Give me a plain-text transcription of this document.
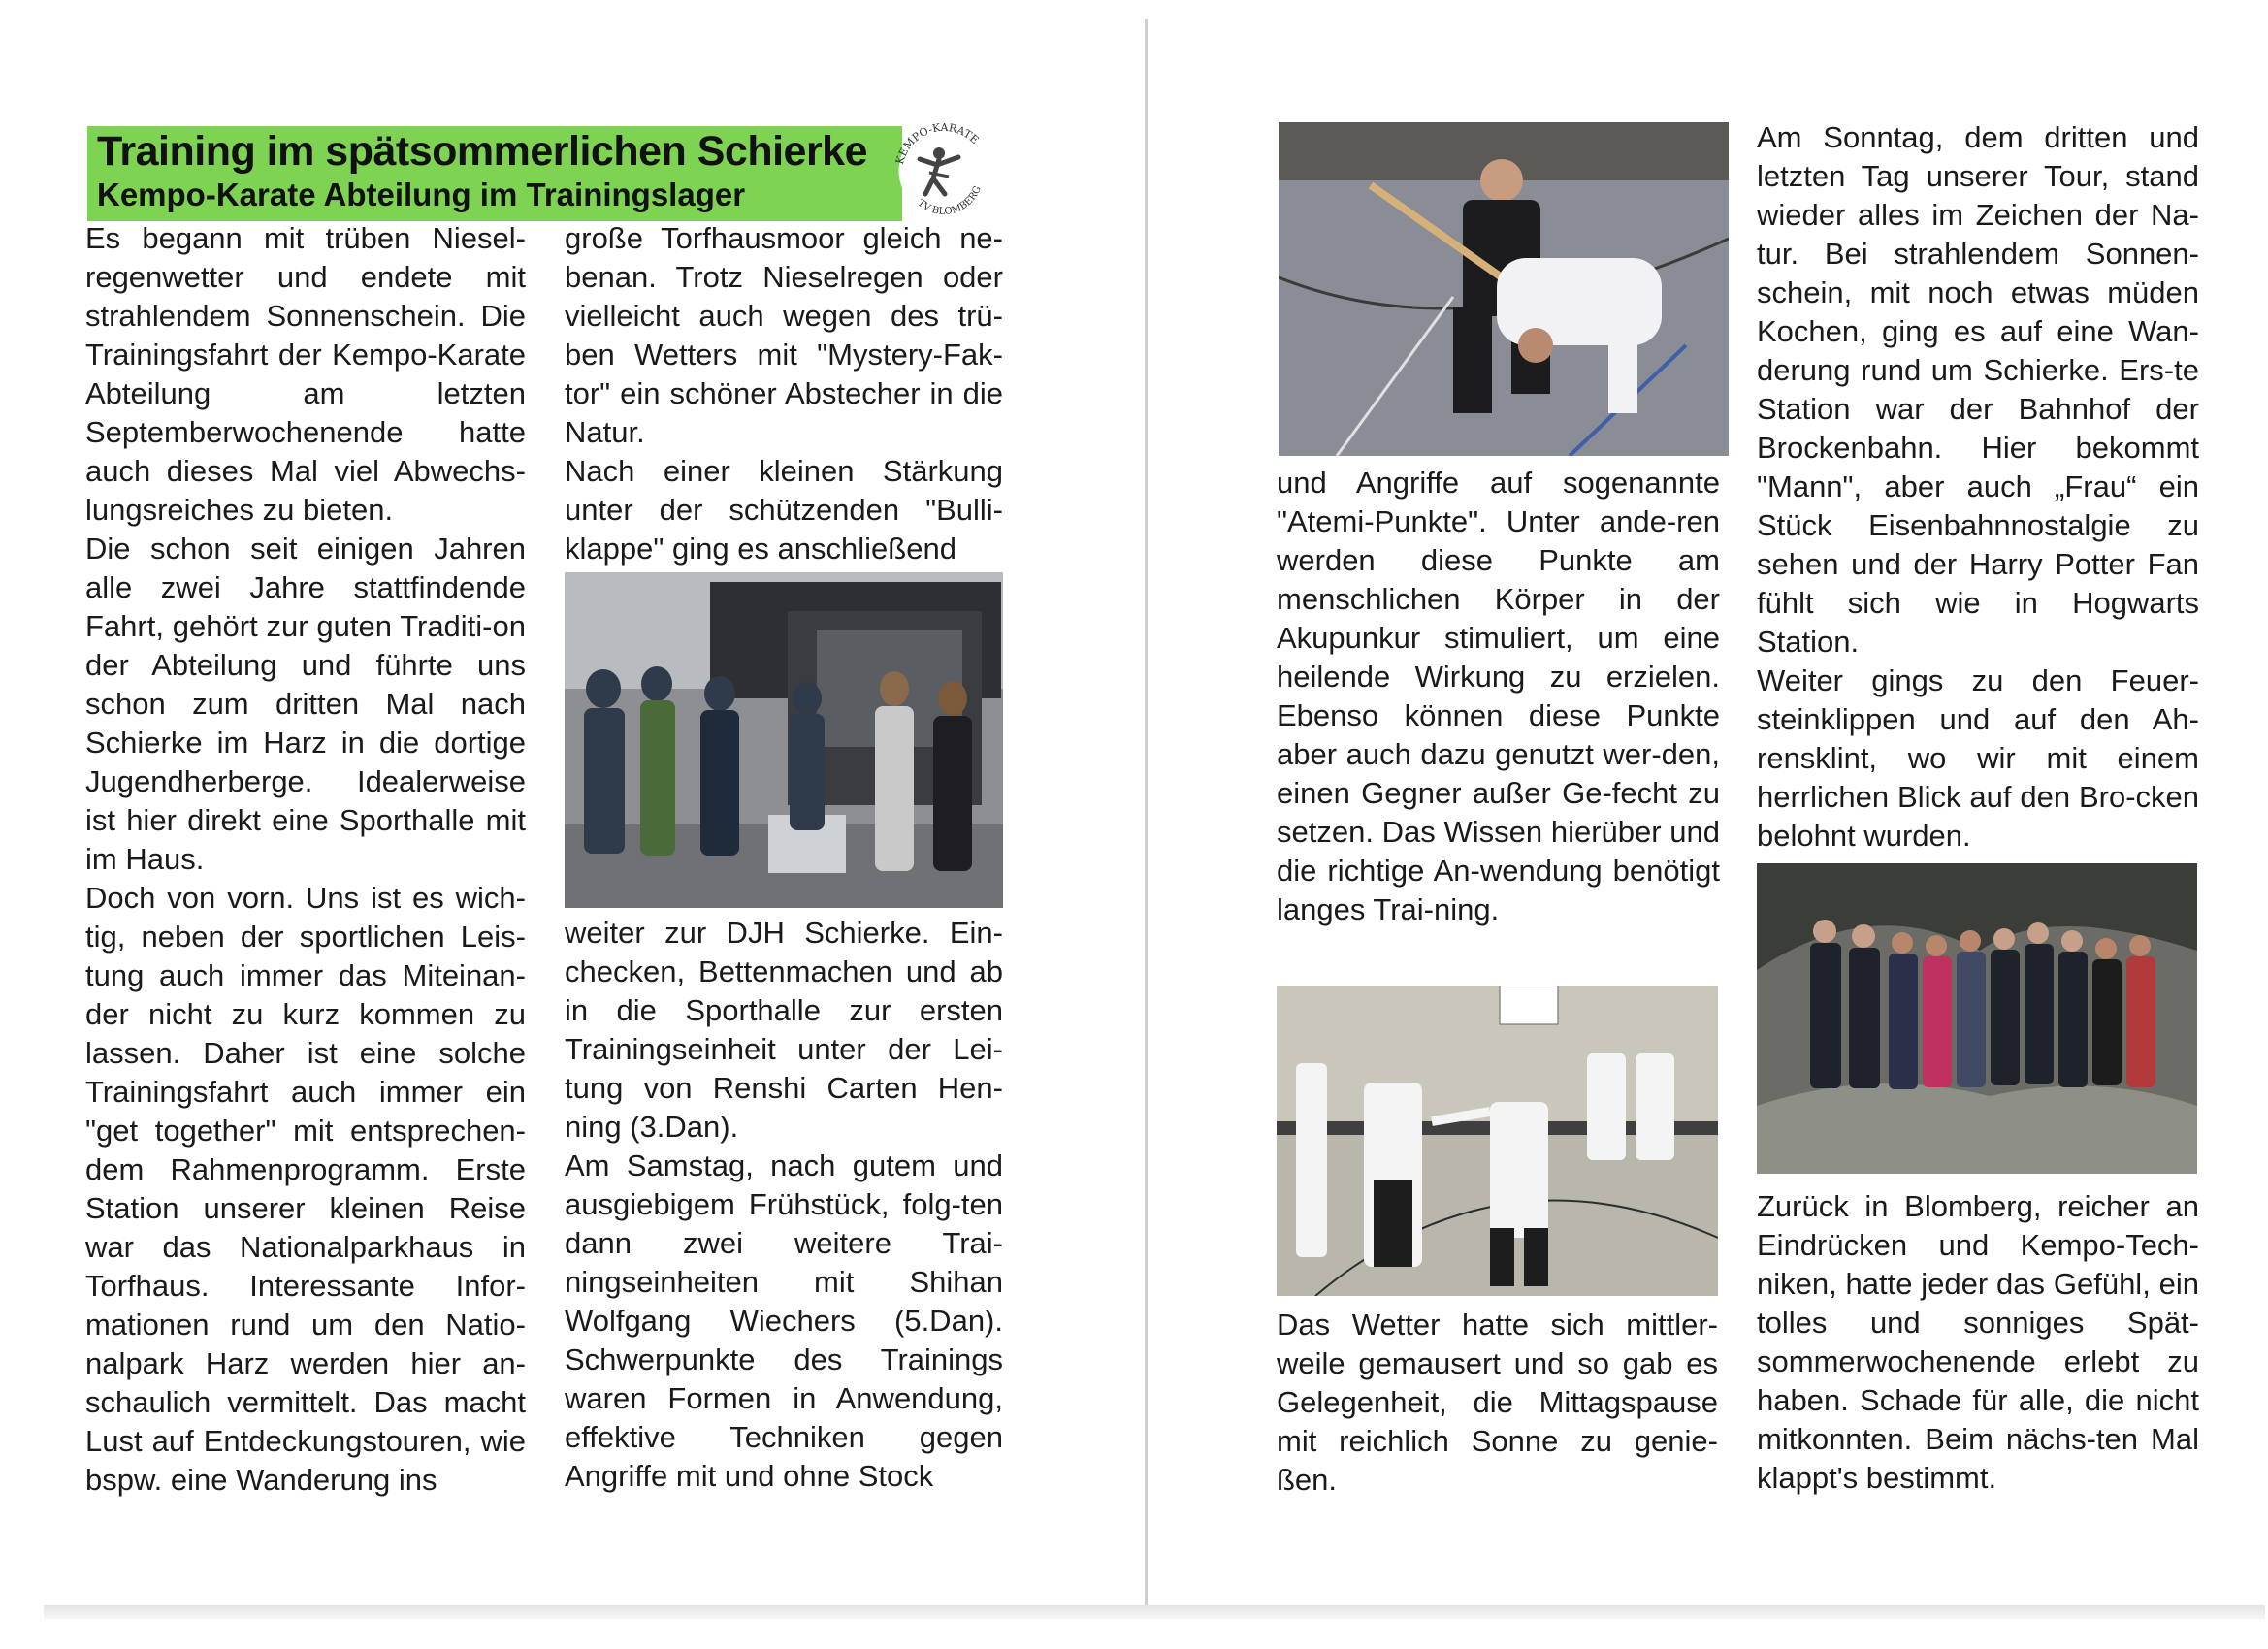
Training im spätsommerlichen Schierke
Kempo-Karate Abteilung im Trainingslager
KEMPO-KARATE
TV BLOMBERG

Es begann mit trüben Niesel-regenwetter und endete mit strahlendem Sonnenschein. Die Trainingsfahrt der Kempo-Karate Abteilung am letzten Septemberwochenende hatte auch dieses Mal viel Abwechs-lungsreiches zu bieten.

Die schon seit einigen Jahren alle zwei Jahre stattfindende Fahrt, gehört zur guten Traditi-on der Abteilung und führte uns schon zum dritten Mal nach Schierke im Harz in die dortige Jugendherberge. Idealerweise ist hier direkt eine Sporthalle mit im Haus.

Doch von vorn. Uns ist es wich-tig, neben der sportlichen Leis-tung auch immer das Miteinan-der nicht zu kurz kommen zu lassen. Daher ist eine solche Trainingsfahrt auch immer ein "get together" mit entsprechen-dem Rahmenprogramm. Erste Station unserer kleinen Reise war das Nationalparkhaus in Torfhaus. Interessante Infor-mationen rund um den Natio-nalpark Harz werden hier an-schaulich vermittelt. Das macht Lust auf Entdeckungstouren, wie bspw. eine Wanderung ins

große Torfhausmoor gleich ne-benan. Trotz Nieselregen oder vielleicht auch wegen des trü-ben Wetters mit "Mystery-Fak-tor" ein schöner Abstecher in die Natur.

Nach einer kleinen Stärkung unter der schützenden "Bulli-klappe" ging es anschließend

weiter zur DJH Schierke. Ein-checken, Bettenmachen und ab in die Sporthalle zur ersten Trainingseinheit unter der Lei-tung von Renshi Carten Hen-ning (3.Dan).

Am Samstag, nach gutem und ausgiebigem Frühstück, folg-ten dann zwei weitere Trai-ningseinheiten mit Shihan Wolfgang Wiechers (5.Dan). Schwerpunkte des Trainings waren Formen in Anwendung, effektive Techniken gegen Angriffe mit und ohne Stock

und Angriffe auf sogenannte "Atemi-Punkte". Unter ande-ren werden diese Punkte am menschlichen Körper in der Akupunkur stimuliert, um eine heilende Wirkung zu erzielen. Ebenso können diese Punkte aber auch dazu genutzt wer-den, einen Gegner außer Ge-fecht zu setzen. Das Wissen hierüber und die richtige An-wendung benötigt langes Trai-ning.

Das Wetter hatte sich mittler-weile gemausert und so gab es Gelegenheit, die Mittagspause mit reichlich Sonne zu genie-ßen.

Am Sonntag, dem dritten und letzten Tag unserer Tour, stand wieder alles im Zeichen der Na-tur. Bei strahlendem Sonnen-schein, mit noch etwas müden Kochen, ging es auf eine Wan-derung rund um Schierke. Ers-te Station war der Bahnhof der Brockenbahn. Hier bekommt "Mann", aber auch „Frau“ ein Stück Eisenbahnnostalgie zu sehen und der Harry Potter Fan fühlt sich wie in Hogwarts Station.

Weiter gings zu den Feuer-steinklippen und auf den Ah-rensklint, wo wir mit einem herrlichen Blick auf den Bro-cken belohnt wurden.

Zurück in Blomberg, reicher an Eindrücken und Kempo-Tech-niken, hatte jeder das Gefühl, ein tolles und sonniges Spät-sommerwochenende erlebt zu haben. Schade für alle, die nicht mitkonnten. Beim nächs-ten Mal klappt's bestimmt.
